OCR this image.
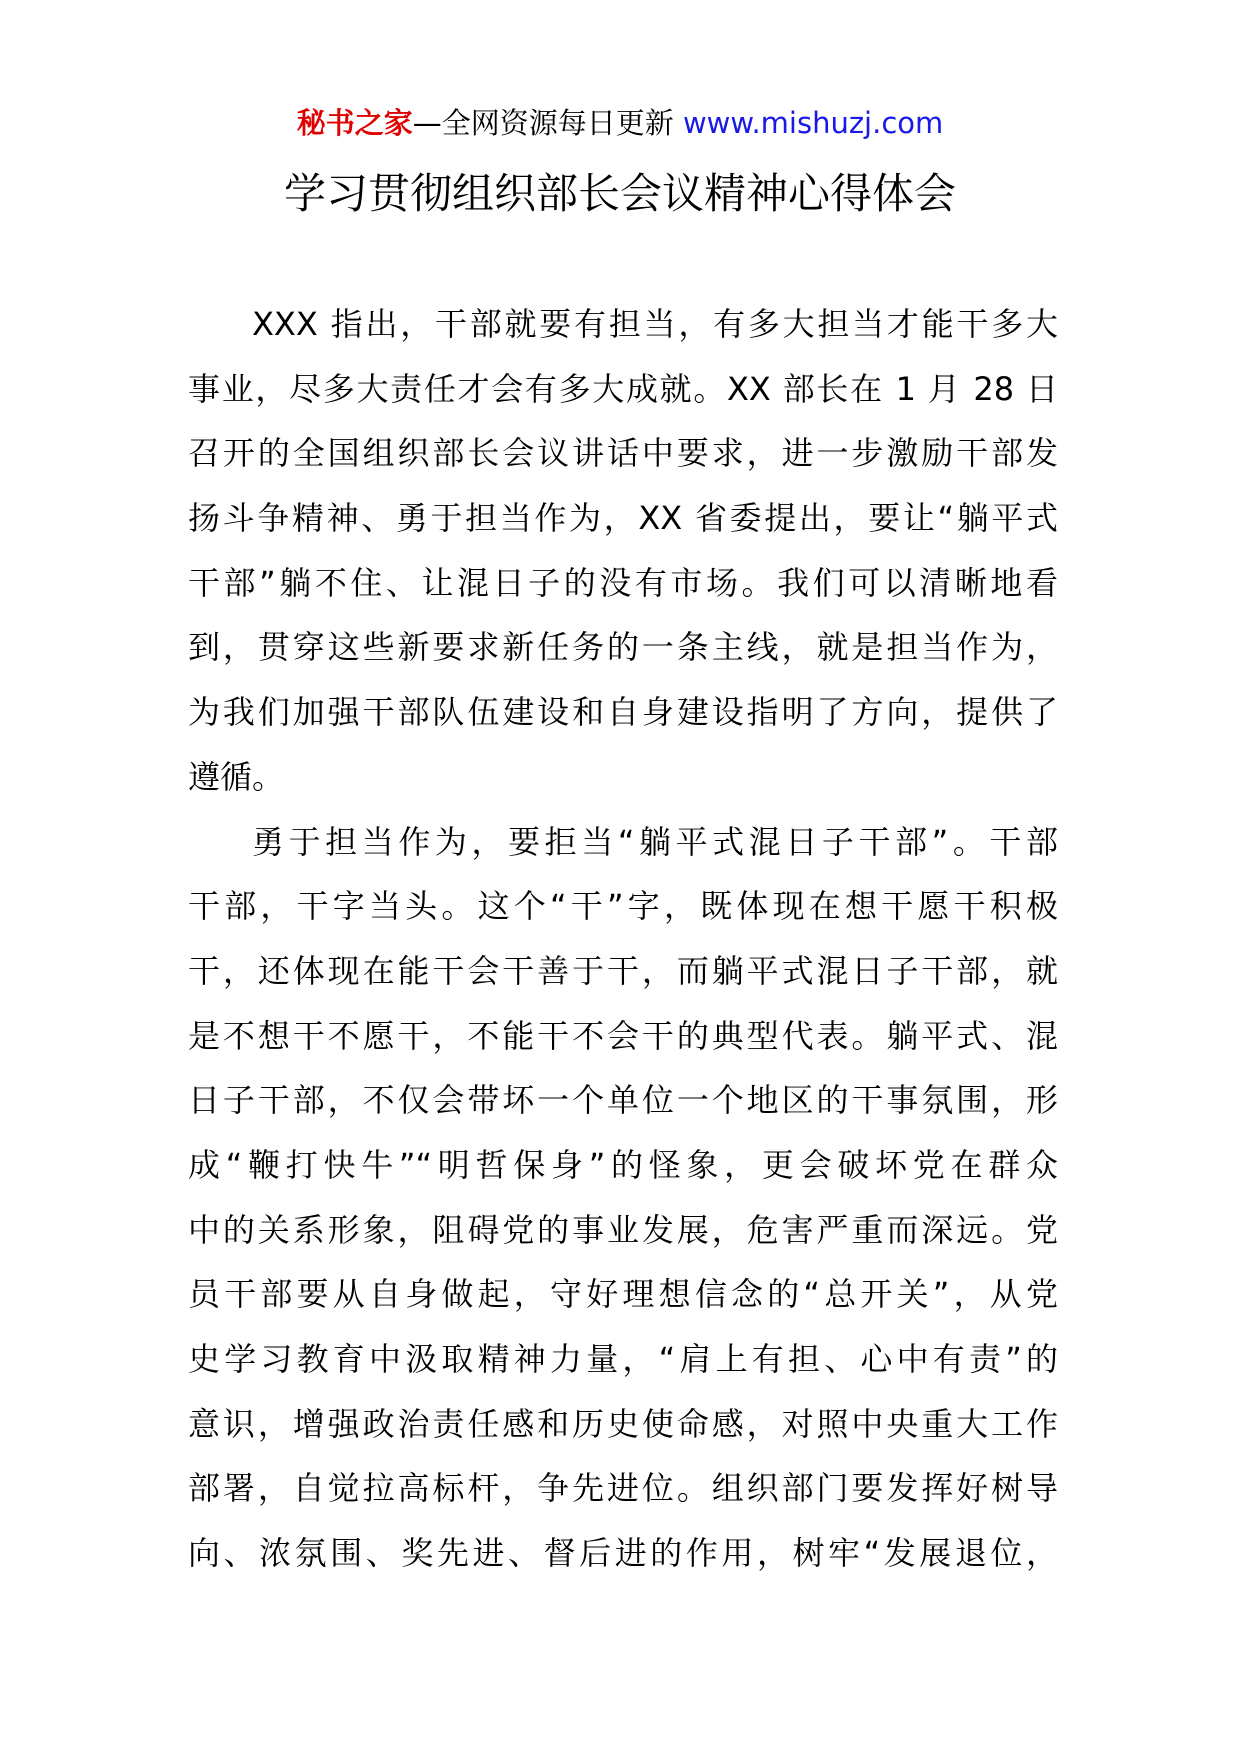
秘书之家—全网资源每日更新 www.mishuzj.com
学习贯彻组织部长会议精神心得体会
XXX 指出，干部就要有担当，有多大担当才能干多大
事业，尽多大责任才会有多大成就。XX 部长在 1 月 28 日
召开的全国组织部长会议讲话中要求，进一步激励干部发
扬斗争精神、勇于担当作为，XX 省委提出，要让“躺平式
干部”躺不住、让混日子的没有市场。我们可以清晰地看
到，贯穿这些新要求新任务的一条主线，就是担当作为，
为我们加强干部队伍建设和自身建设指明了方向，提供了
遵循。
勇于担当作为，要拒当“躺平式混日子干部”。干部
干部，干字当头。这个“干”字，既体现在想干愿干积极
干，还体现在能干会干善于干，而躺平式混日子干部，就
是不想干不愿干，不能干不会干的典型代表。躺平式、混
日子干部，不仅会带坏一个单位一个地区的干事氛围，形
成“鞭打快牛”“明哲保身”的怪象，更会破坏党在群众
中的关系形象，阻碍党的事业发展，危害严重而深远。党
员干部要从自身做起，守好理想信念的“总开关”，从党
史学习教育中汲取精神力量，“肩上有担、心中有责”的
意识，增强政治责任感和历史使命感，对照中央重大工作
部署，自觉拉高标杆，争先进位。组织部门要发挥好树导
向、浓氛围、奖先进、督后进的作用，树牢“发展退位，
